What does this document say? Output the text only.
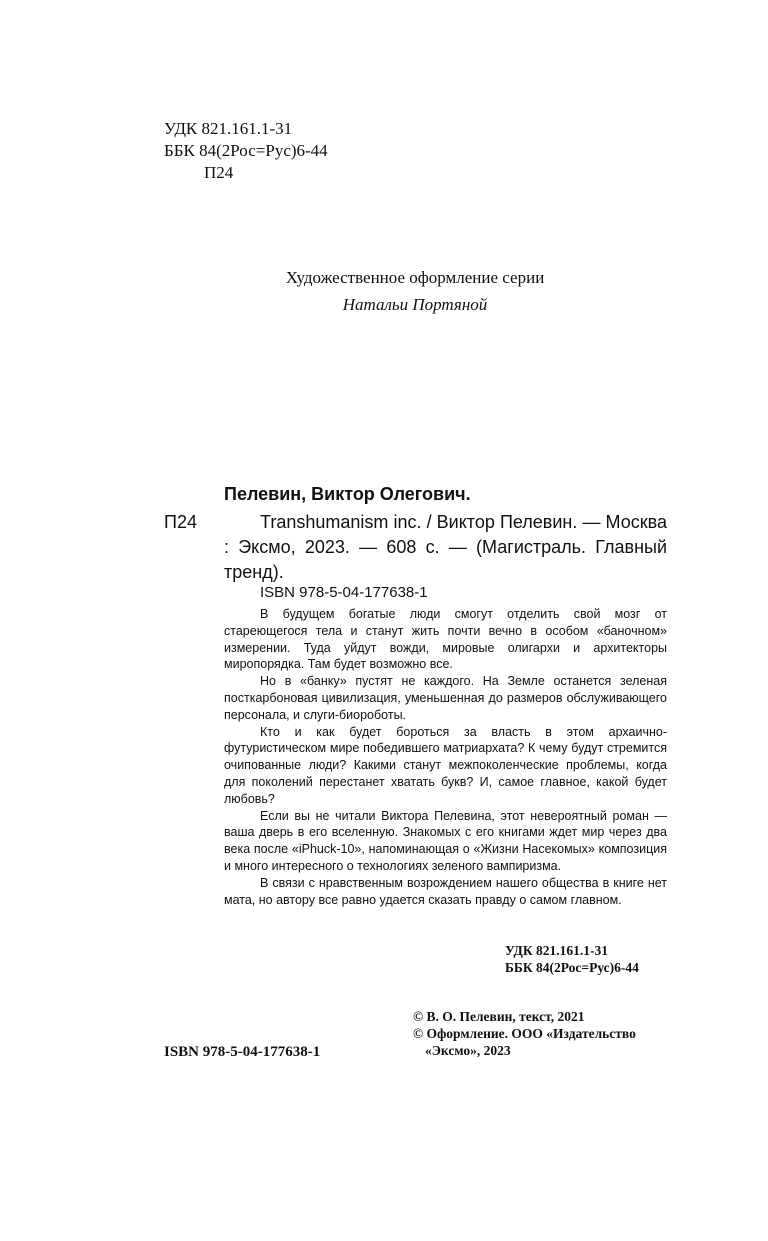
УДК 821.161.1-31
ББК 84(2Рос=Рус)6-44
П24
Художественное оформление серии
Натальи Портяной
Пелевин, Виктор Олегович.
П24	Transhumanism inc. / Виктор Пелевин. — Москва : Эксмо, 2023. — 608 с. — (Магистраль. Главный тренд).
ISBN 978-5-04-177638-1

В будущем богатые люди смогут отделить свой мозг от стареющегося тела и станут жить почти вечно в особом «баночном» измерении. Туда уйдут вожди, мировые олигархи и архитекторы миропорядка. Там будет возможно все.

Но в «банку» пустят не каждого. На Земле останется зеленая посткарбоновая цивилизация, уменьшенная до размеров обслуживающего персонала, и слуги-биороботы.

Кто и как будет бороться за власть в этом архаично-футуристическом мире победившего матриархата? К чему будут стремится очипованные люди? Какими станут межпоколенческие проблемы, когда для поколений перестанет хватать букв? И, самое главное, какой будет любовь?

Если вы не читали Виктора Пелевина, этот невероятный роман — ваша дверь в его вселенную. Знакомых с его книгами ждет мир через два века после «iPhuck-10», напоминающая о «Жизни Насекомых» композиция и много интересного о технологиях зеленого вампиризма.

В связи с нравственным возрождением нашего общества в книге нет мата, но автору все равно удается сказать правду о самом главном.

УДК 821.161.1-31
ББК 84(2Рос=Рус)6-44
© В. О. Пелевин, текст, 2021
© Оформление. ООО «Издательство
«Эксмо», 2023
ISBN 978-5-04-177638-1
